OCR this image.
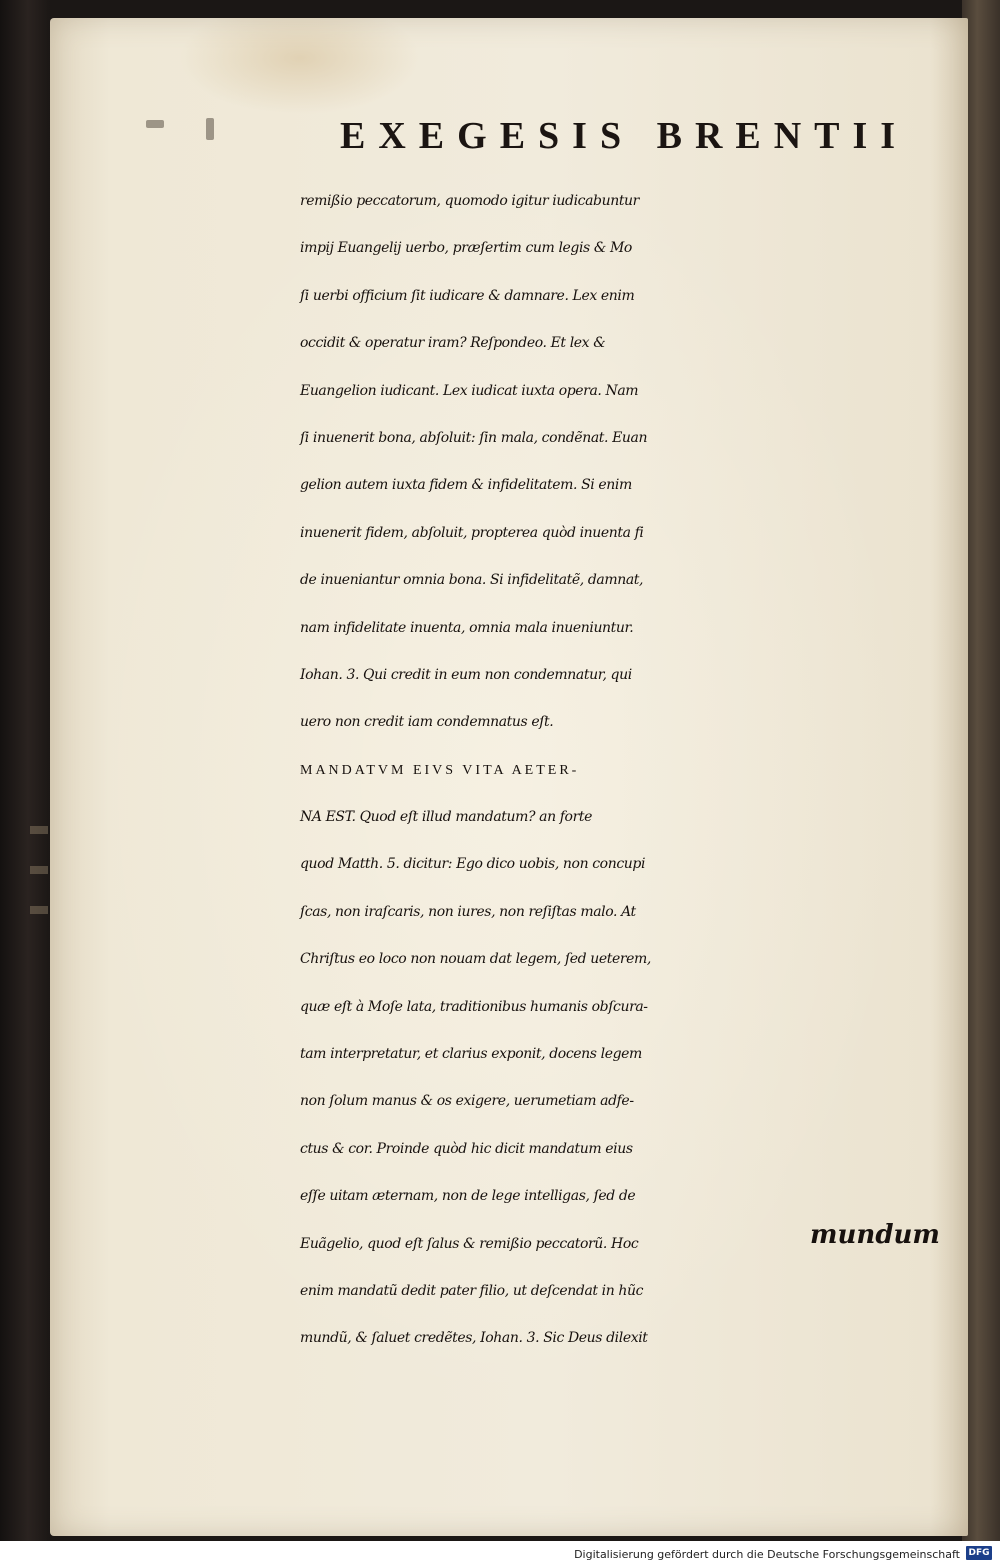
EXEGESIS BRENTII
remißio peccatorum, quomodo igitur iudicabuntur
impij Euangelij uerbo, præſertim cum legis & Mo
ſi uerbi officium ſit iudicare & damnare. Lex enim
occidit & operatur iram? Reſpondeo. Et lex &
Euangelion iudicant. Lex iudicat iuxta opera. Nam
ſi inuenerit bona, abſoluit: ſin mala, condẽnat. Euan
gelion autem iuxta fidem & infidelitatem. Si enim
inuenerit fidem, abſoluit, propterea quòd inuenta fi
de inueniantur omnia bona. Si infidelitatẽ, damnat,
nam infidelitate inuenta, omnia mala inueniuntur.
Iohan. 3. Qui credit in eum non condemnatur, qui
uero non credit iam condemnatus eſt.
MANDATVM EIVS VITA AETER-
NA EST. Quod eſt illud mandatum? an forte
quod Matth. 5. dicitur: Ego dico uobis, non concupi
ſcas, non iraſcaris, non iures, non reſiſtas malo. At
Chriſtus eo loco non nouam dat legem, ſed ueterem,
quæ eſt à Moſe lata, traditionibus humanis obſcura-
tam interpretatur, et clarius exponit, docens legem
non ſolum manus & os exigere, uerumetiam adfe-
ctus & cor. Proinde quòd hic dicit mandatum eius
eſſe uitam æternam, non de lege intelligas, ſed de
Euãgelio, quod eſt ſalus & remißio peccatorũ. Hoc
enim mandatũ dedit pater filio, ut deſcendat in hũc
mundũ, & ſaluet credẽtes, Iohan. 3. Sic Deus dilexit
mundum
Digitalisierung gefördert durch die Deutsche Forschungsgemeinschaft DFG
